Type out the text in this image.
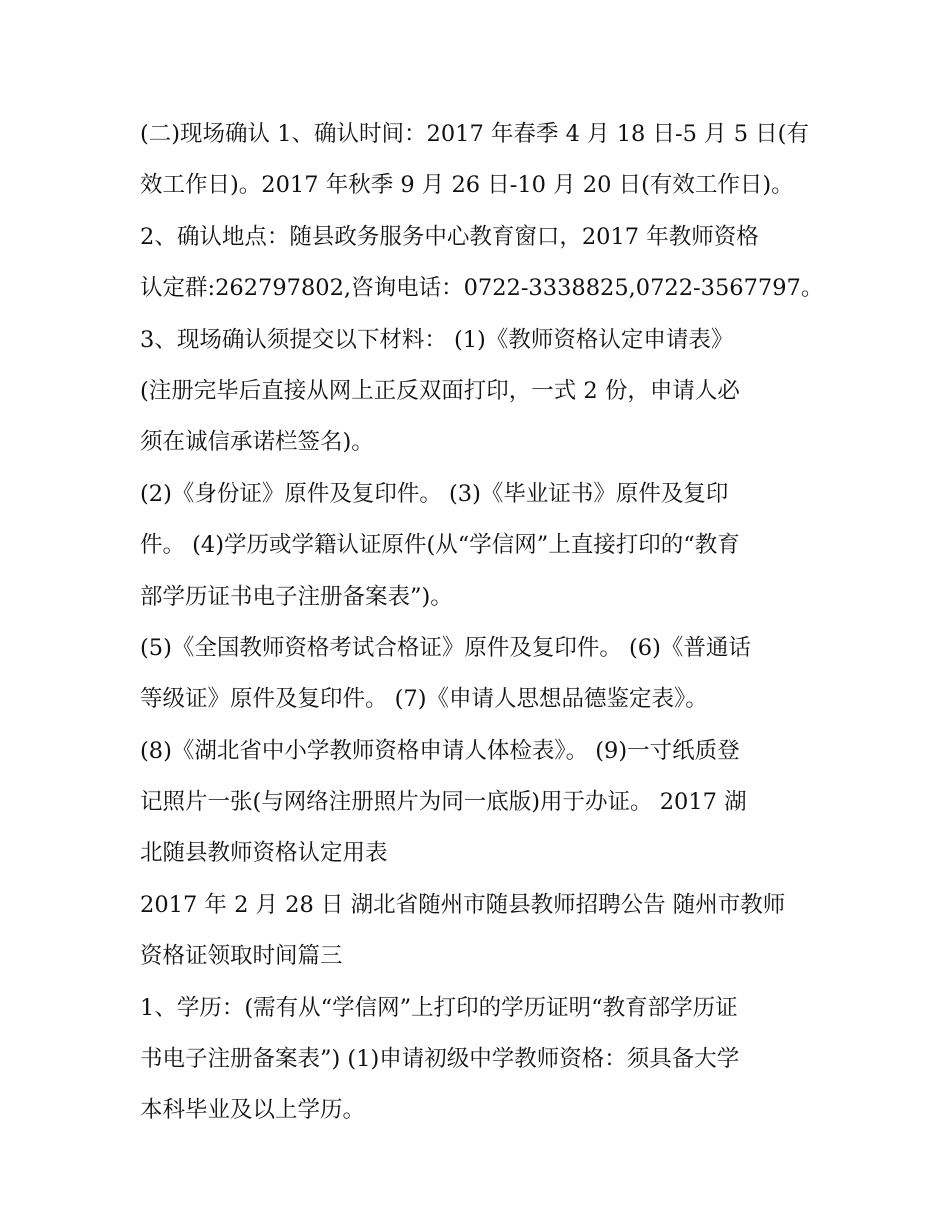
(二)现场确认 1、确认时间：2017 年春季 4 月 18 日-5 月 5 日(有
效工作日)。2017 年秋季 9 月 26 日-10 月 20 日(有效工作日)。
2、确认地点：随县政务服务中心教育窗口，2017 年教师资格
认定群:262797802,咨询电话：0722-3338825,0722-3567797。
3、现场确认须提交以下材料： (1)《教师资格认定申请表》
(注册完毕后直接从网上正反双面打印，一式 2 份，申请人必
须在诚信承诺栏签名)。
(2)《身份证》原件及复印件。 (3)《毕业证书》原件及复印
件。 (4)学历或学籍认证原件(从“学信网”上直接打印的“教育
部学历证书电子注册备案表”)。
(5)《全国教师资格考试合格证》原件及复印件。 (6)《普通话
等级证》原件及复印件。 (7)《申请人思想品德鉴定表》。
(8)《湖北省中小学教师资格申请人体检表》。 (9)一寸纸质登
记照片一张(与网络注册照片为同一底版)用于办证。 2017 湖
北随县教师资格认定用表
2017 年 2 月 28 日 湖北省随州市随县教师招聘公告 随州市教师
资格证领取时间篇三
1、学历：(需有从“学信网”上打印的学历证明“教育部学历证
书电子注册备案表”) (1)申请初级中学教师资格：须具备大学
本科毕业及以上学历。
